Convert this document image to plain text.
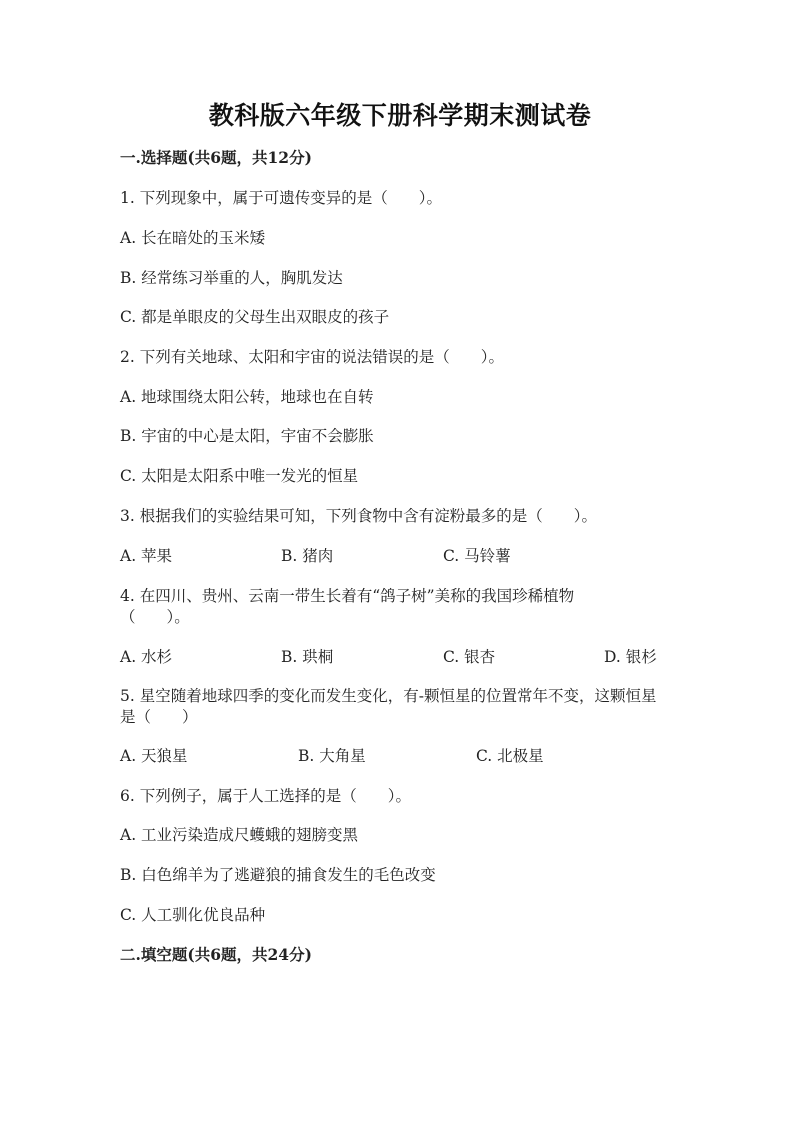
教科版六年级下册科学期末测试卷
一.选择题(共6题，共12分)
1. 下列现象中，属于可遗传变异的是（　　）。
A. 长在暗处的玉米矮
B. 经常练习举重的人，胸肌发达
C. 都是单眼皮的父母生出双眼皮的孩子
2. 下列有关地球、太阳和宇宙的说法错误的是（　　）。
A. 地球围绕太阳公转，地球也在自转
B. 宇宙的中心是太阳，宇宙不会膨胀
C. 太阳是太阳系中唯一发光的恒星
3. 根据我们的实验结果可知，下列食物中含有淀粉最多的是（　　）。
A. 苹果	B. 猪肉	C. 马铃薯
4. 在四川、贵州、云南一带生长着有“鸽子树”美称的我国珍稀植物
（　　）。
A. 水杉	B. 珙桐	C. 银杏	D. 银杉
5. 星空随着地球四季的变化而发生变化，有-颗恒星的位置常年不变，这颗恒星
是（　　）
A. 天狼星	B. 大角星	C. 北极星
6. 下列例子，属于人工选择的是（　　）。
A. 工业污染造成尺蠖蛾的翅膀变黑
B. 白色绵羊为了逃避狼的捕食发生的毛色改变
C. 人工驯化优良品种
二.填空题(共6题，共24分)
